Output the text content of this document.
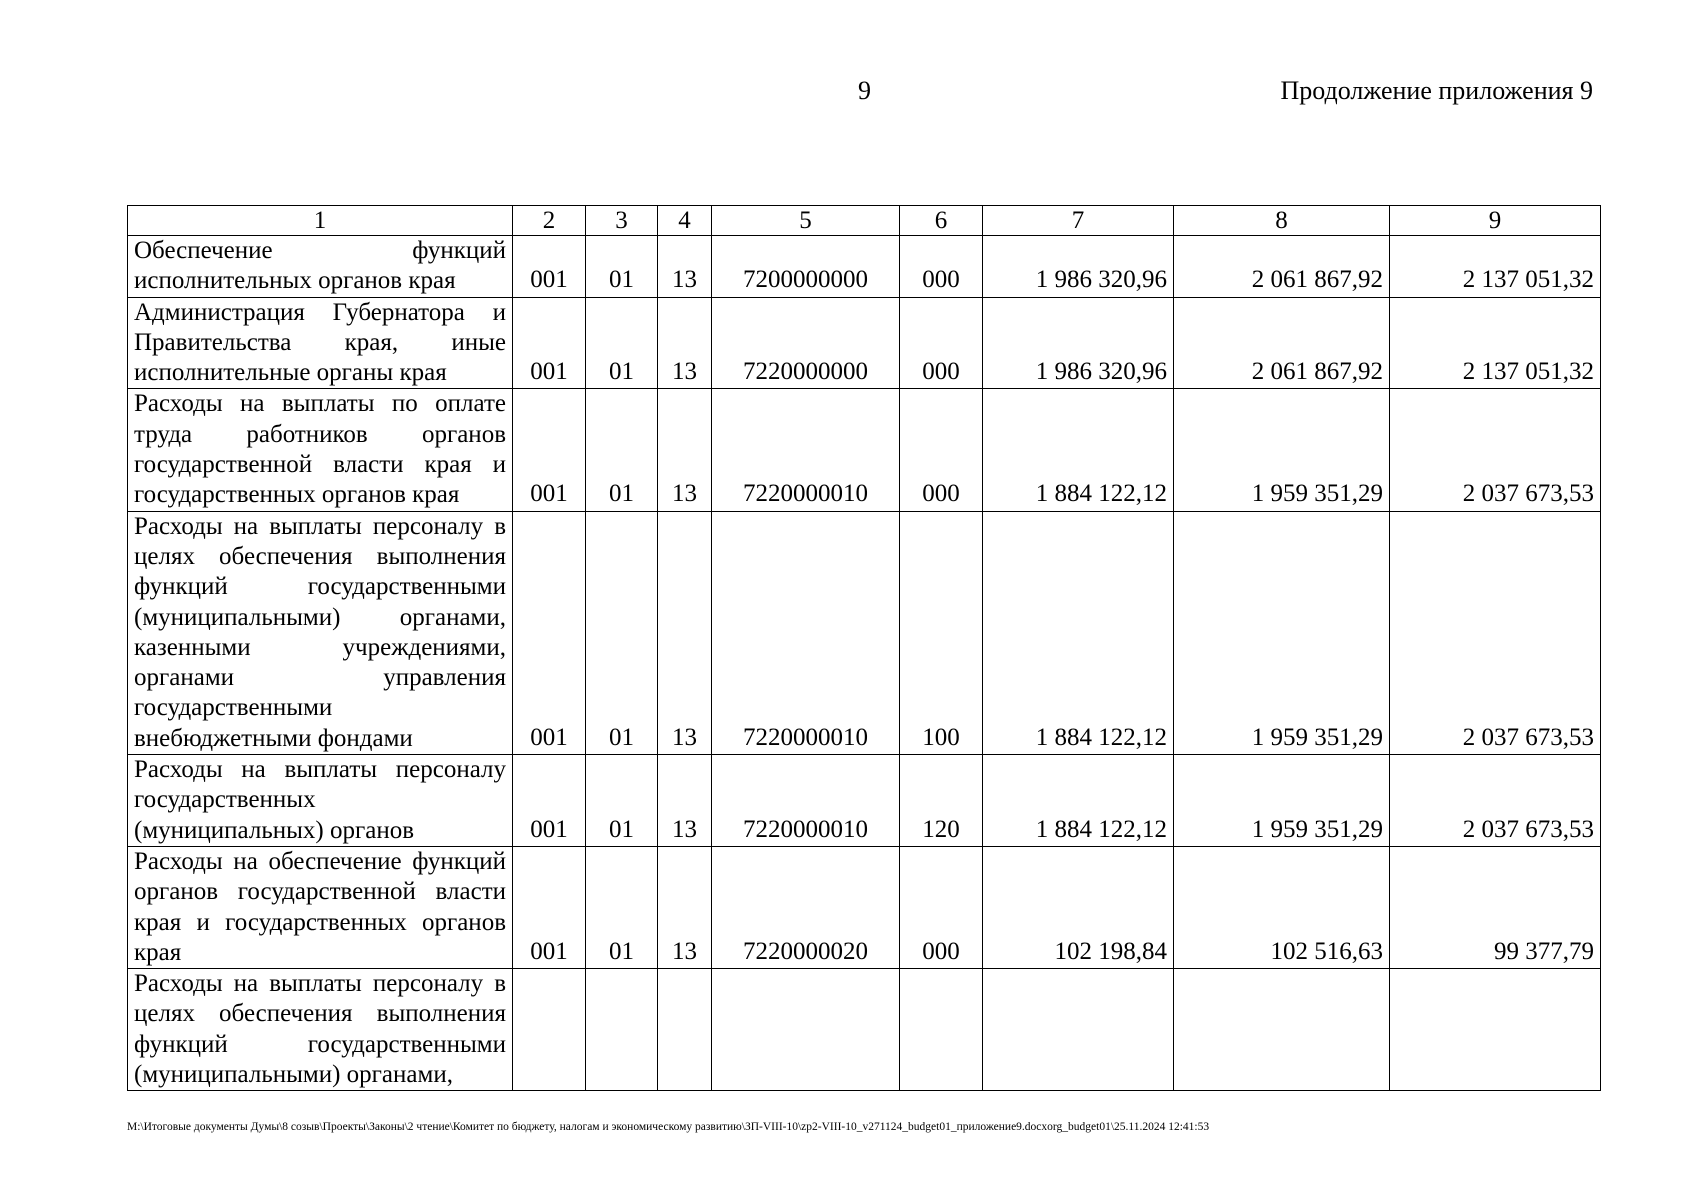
9	Продолжение приложения 9
1	2	3	4	5	6	7	8	9
Обеспечение функций исполнительных органов края	001	01	13	7200000000	000	1 986 320,96	2 061 867,92	2 137 051,32
Администрация Губернатора и Правительства края, иные исполнительные органы края	001	01	13	7220000000	000	1 986 320,96	2 061 867,92	2 137 051,32
Расходы на выплаты по оплате труда работников органов государственной власти края и государственных органов края	001	01	13	7220000010	000	1 884 122,12	1 959 351,29	2 037 673,53
Расходы на выплаты персоналу в целях обеспечения выполнения функций государственными (муниципальными) органами, казенными учреждениями, органами управления государственными внебюджетными фондами	001	01	13	7220000010	100	1 884 122,12	1 959 351,29	2 037 673,53
Расходы на выплаты персоналу государственных (муниципальных) органов	001	01	13	7220000010	120	1 884 122,12	1 959 351,29	2 037 673,53
Расходы на обеспечение функций органов государственной власти края и государственных органов края	001	01	13	7220000020	000	102 198,84	102 516,63	99 377,79
Расходы на выплаты персоналу в целях обеспечения выполнения функций государственными (муниципальными) органами,								
M:\Итоговые документы Думы\8 созыв\Проекты\Законы\2 чтение\Комитет по бюджету, налогам и экономическому развитию\ЗП-VIII-10\zp2-VIII-10_v271124_budget01_приложение9.docxorg_budget01\25.11.2024 12:41:53
